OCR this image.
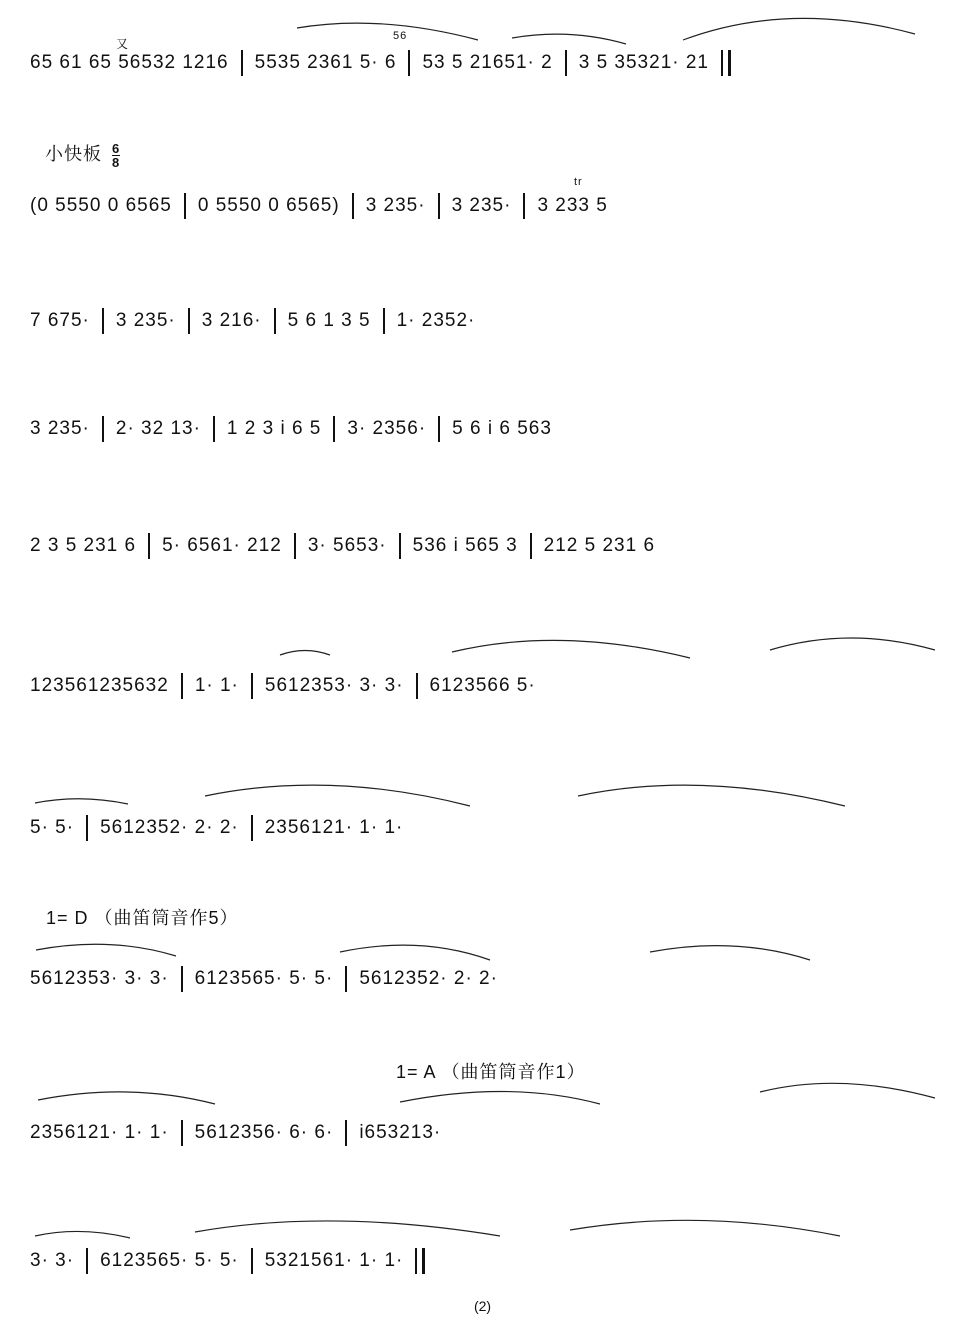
小快板 $\frac{6}{8}$
1= D （曲笛筒音作5）
1= A （曲笛筒音作1）
65 61 65 56532 1216 5535 2361 5· 6 53 5 21651· 2 3 5 35321· 21
(0 5550 0 6565 0 5550 0 6565) 3 235· 3 235· 3 233 5
7 675· 3 235· 3 216· 5 6 1 3 5 1· 2352·
3 235· 2· 32 13· 1 2 3 i 6 5 3· 2356· 5 6 i 6 563
2 3 5 231 6 5· 6561· 212 3· 5653· 536 i 565 3 212 5 231 6
123561235632 1· 1· 5612353· 3· 3· 6123566 5·
5· 5· 5612352· 2· 2· 2356121· 1· 1·
5612353· 3· 3· 6123565· 5· 5· 5612352· 2· 2·
2356121· 1· 1· 5612356· 6· 6· i653213·
3· 3· 6123565· 5· 5· 5321561· 1· 1·
56
又
tr
(2)
